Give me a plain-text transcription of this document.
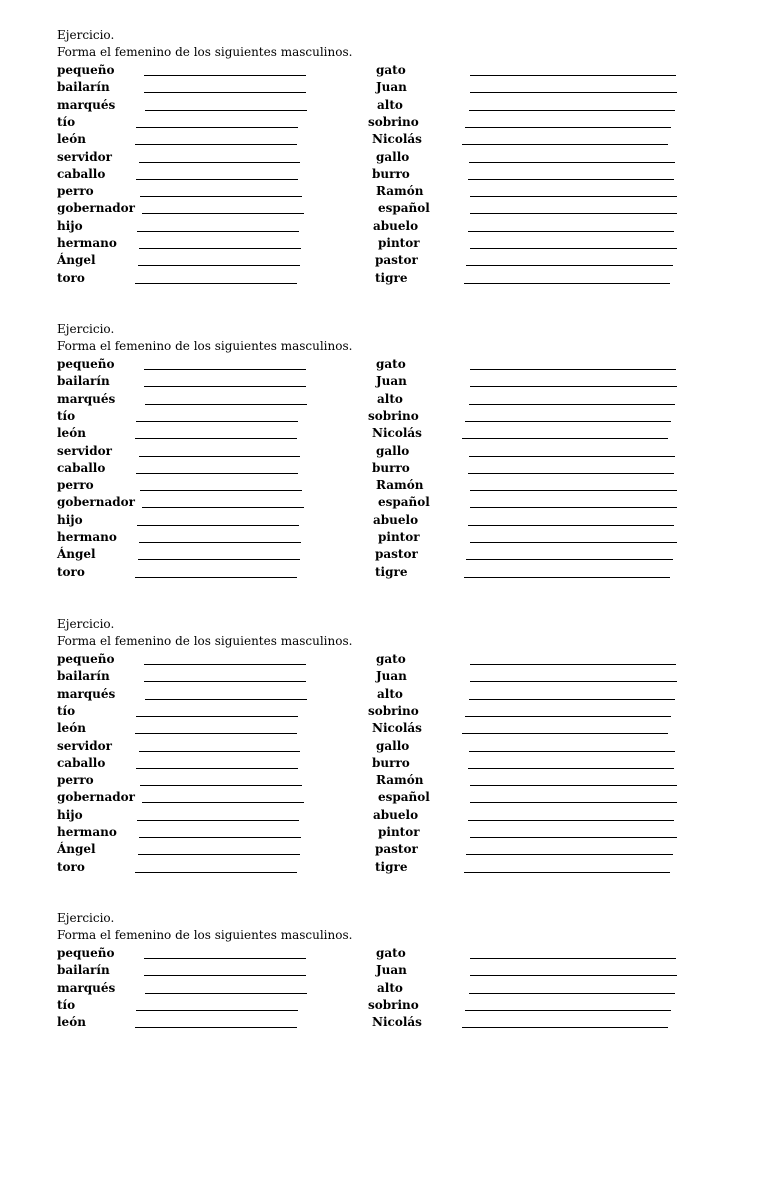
Ejercicio.
Forma el femenino de los siguientes masculinos.
pequeño	gato
bailarín	Juan
marqués	alto
tío	sobrino
león	Nicolás
servidor	gallo
caballo	burro
perro	Ramón
gobernador	español
hijo	abuelo
hermano	pintor
Ángel	pastor
toro	tigre
Ejercicio.
Forma el femenino de los siguientes masculinos.
pequeño	gato
bailarín	Juan
marqués	alto
tío	sobrino
león	Nicolás
servidor	gallo
caballo	burro
perro	Ramón
gobernador	español
hijo	abuelo
hermano	pintor
Ángel	pastor
toro	tigre
Ejercicio.
Forma el femenino de los siguientes masculinos.
pequeño	gato
bailarín	Juan
marqués	alto
tío	sobrino
león	Nicolás
servidor	gallo
caballo	burro
perro	Ramón
gobernador	español
hijo	abuelo
hermano	pintor
Ángel	pastor
toro	tigre
Ejercicio.
Forma el femenino de los siguientes masculinos.
pequeño	gato
bailarín	Juan
marqués	alto
tío	sobrino
león	Nicolás
